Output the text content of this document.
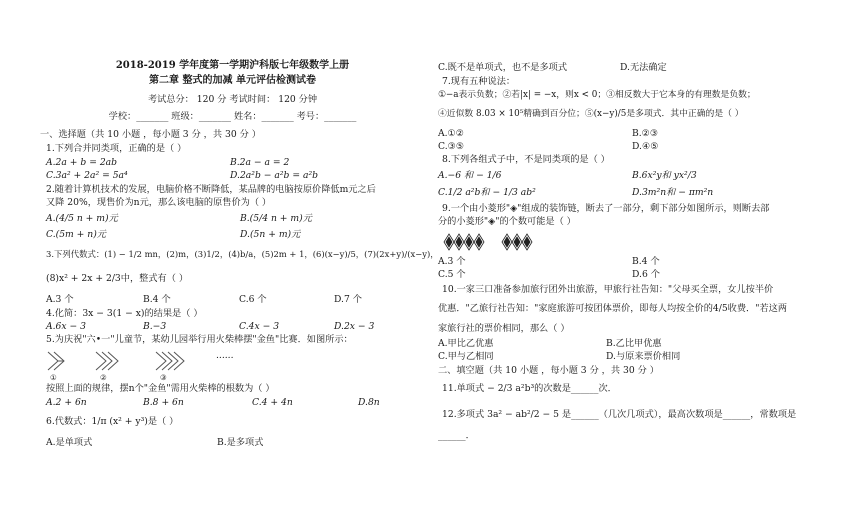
2018-2019 学年度第一学期沪科版七年级数学上册
第二章 整式的加减 单元评估检测试卷
考试总分： 120 分 考试时间： 120 分钟
学校：_______ 班级：_______ 姓名：_______ 考号：_______
一、选择题（共 10 小题 ，每小题 3 分 ，共 30 分 ）
1.下列合并同类项，正确的是（ ）
A.2a + b = 2ab	B.2a − a = 2
C.3a² + 2a² = 5a⁴	D.2a²b − a²b = a²b
2.随着计算机技术的发展，电脑价格不断降低，某品牌的电脑按原价降低m元之后
又降 20%，现售价为n元，那么该电脑的原售价为（ ）
A.(4/5 n + m)元	B.(5/4 n + m)元
C.(5m + n)元	D.(5n + m)元
3.下列代数式：(1) − 1/2 mn，(2)m，(3)1/2，(4)b/a，(5)2m + 1，(6)(x−y)/5，(7)(2x+y)/(x−y)，
(8)x² + 2x + 2/3中，整式有（ ）
A.3 个	B.4 个	C.6 个	D.7 个
4.化简：3x − 3(1 − x)的结果是（ ）
A.6x − 3	B.−3	C.4x − 3	D.2x − 3
5.为庆祝"六•一"儿童节，某幼儿园举行用火柴棒摆"金鱼"比赛．如图所示：
......
①	②	③
按照上面的规律，摆n个"金鱼"需用火柴棒的根数为（ ）
A.2 + 6n	B.8 + 6n	C.4 + 4n	D.8n
6.代数式：1/π (x² + y³)是（ ）
A.是单项式	B.是多项式
C.既不是单项式，也不是多项式	D.无法确定
7.现有五种说法：
①−a表示负数；②若|x| = −x，则x < 0；③相反数大于它本身的有理数是负数；
④近似数 8.03 × 10⁵精确到百分位；⑤(x−y)/5是多项式．其中正确的是（ ）
A.①②	B.②③
C.③⑤	D.④⑤
8.下列各组式子中，不是同类项的是（ ）
A.−6 和 − 1/6	B.6x²y和 yx²/3
C.1/2 a²b和 − 1/3 ab²	D.3m²n和 − πm²n
9.一个由小菱形"◈"组成的装饰链，断去了一部分，剩下部分如图所示，则断去部
分的小菱形"◈"的个数可能是（ ）
A.3 个	B.4 个
C.5 个	D.6 个
10.一家三口准备参加旅行团外出旅游，甲旅行社告知："父母买全票，女儿按半价
优惠．"乙旅行社告知："家庭旅游可按团体票价，即每人均按全价的4/5收费．"若这两
家旅行社的票价相同，那么（ ）
A.甲比乙优惠	B.乙比甲优惠
C.甲与乙相同	D.与原来票价相同
二、填空题（共 10 小题 ，每小题 3 分 ，共 30 分 ）
11.单项式 − 2/3 a²b³的次数是______次．
12.多项式 3a² − ab²/2 − 5 是______（几次几项式），最高次数项是______，常数项是
______．
